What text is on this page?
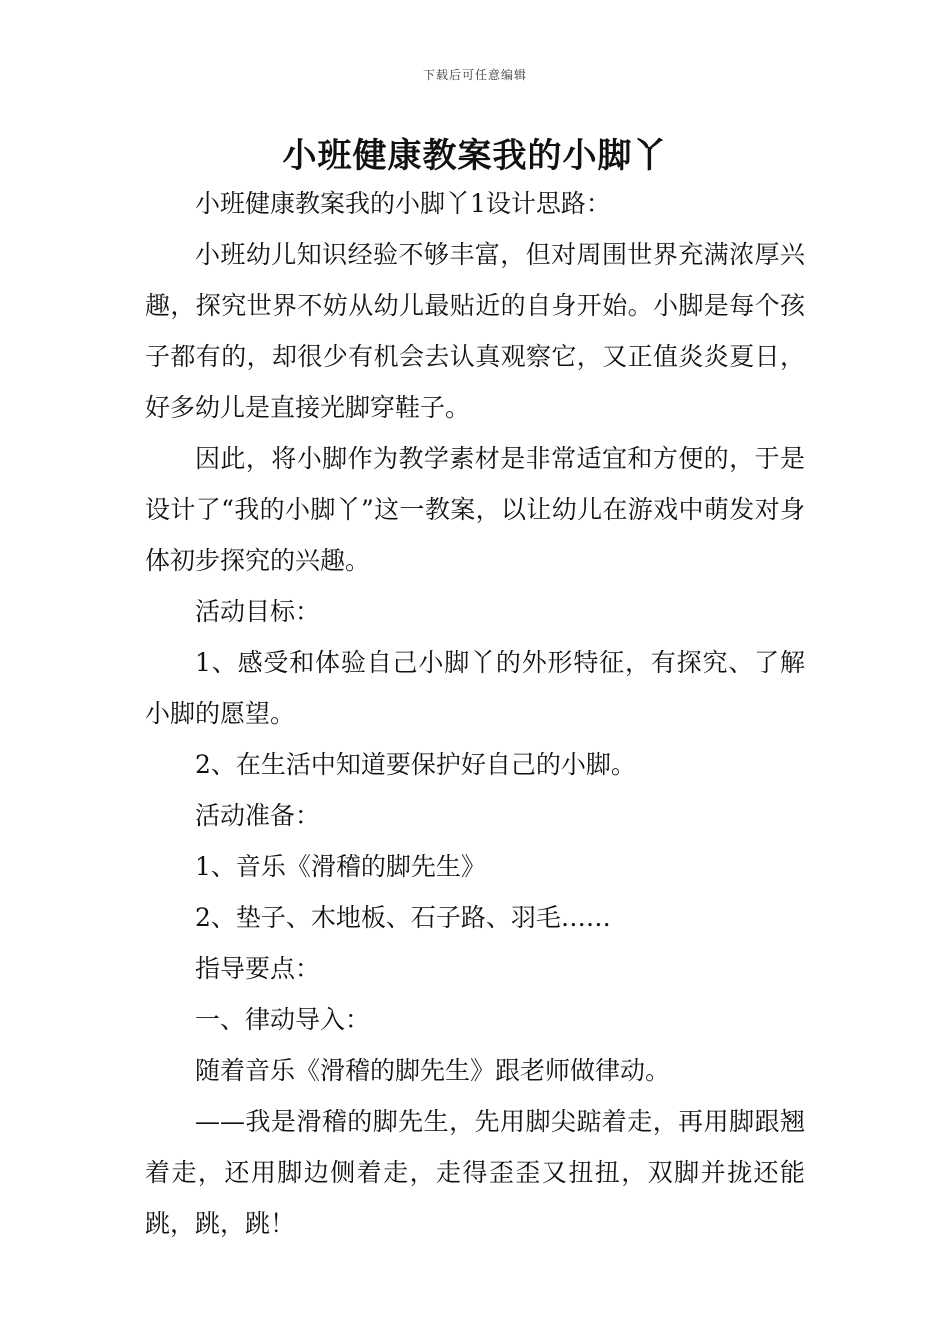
下载后可任意编辑
小班健康教案我的小脚丫

小班健康教案我的小脚丫1设计思路：

小班幼儿知识经验不够丰富，但对周围世界充满浓厚兴趣，探究世界不妨从幼儿最贴近的自身开始。小脚是每个孩子都有的，却很少有机会去认真观察它，又正值炎炎夏日，好多幼儿是直接光脚穿鞋子。

因此，将小脚作为教学素材是非常适宜和方便的，于是设计了“我的小脚丫”这一教案，以让幼儿在游戏中萌发对身体初步探究的兴趣。

活动目标：

1、感受和体验自己小脚丫的外形特征，有探究、了解小脚的愿望。

2、在生活中知道要保护好自己的小脚。

活动准备：

1、音乐《滑稽的脚先生》

2、垫子、木地板、石子路、羽毛……

指导要点：

一、律动导入：

随着音乐《滑稽的脚先生》跟老师做律动。

——我是滑稽的脚先生，先用脚尖踮着走，再用脚跟翘着走，还用脚边侧着走，走得歪歪又扭扭，双脚并拢还能跳，跳，跳！
